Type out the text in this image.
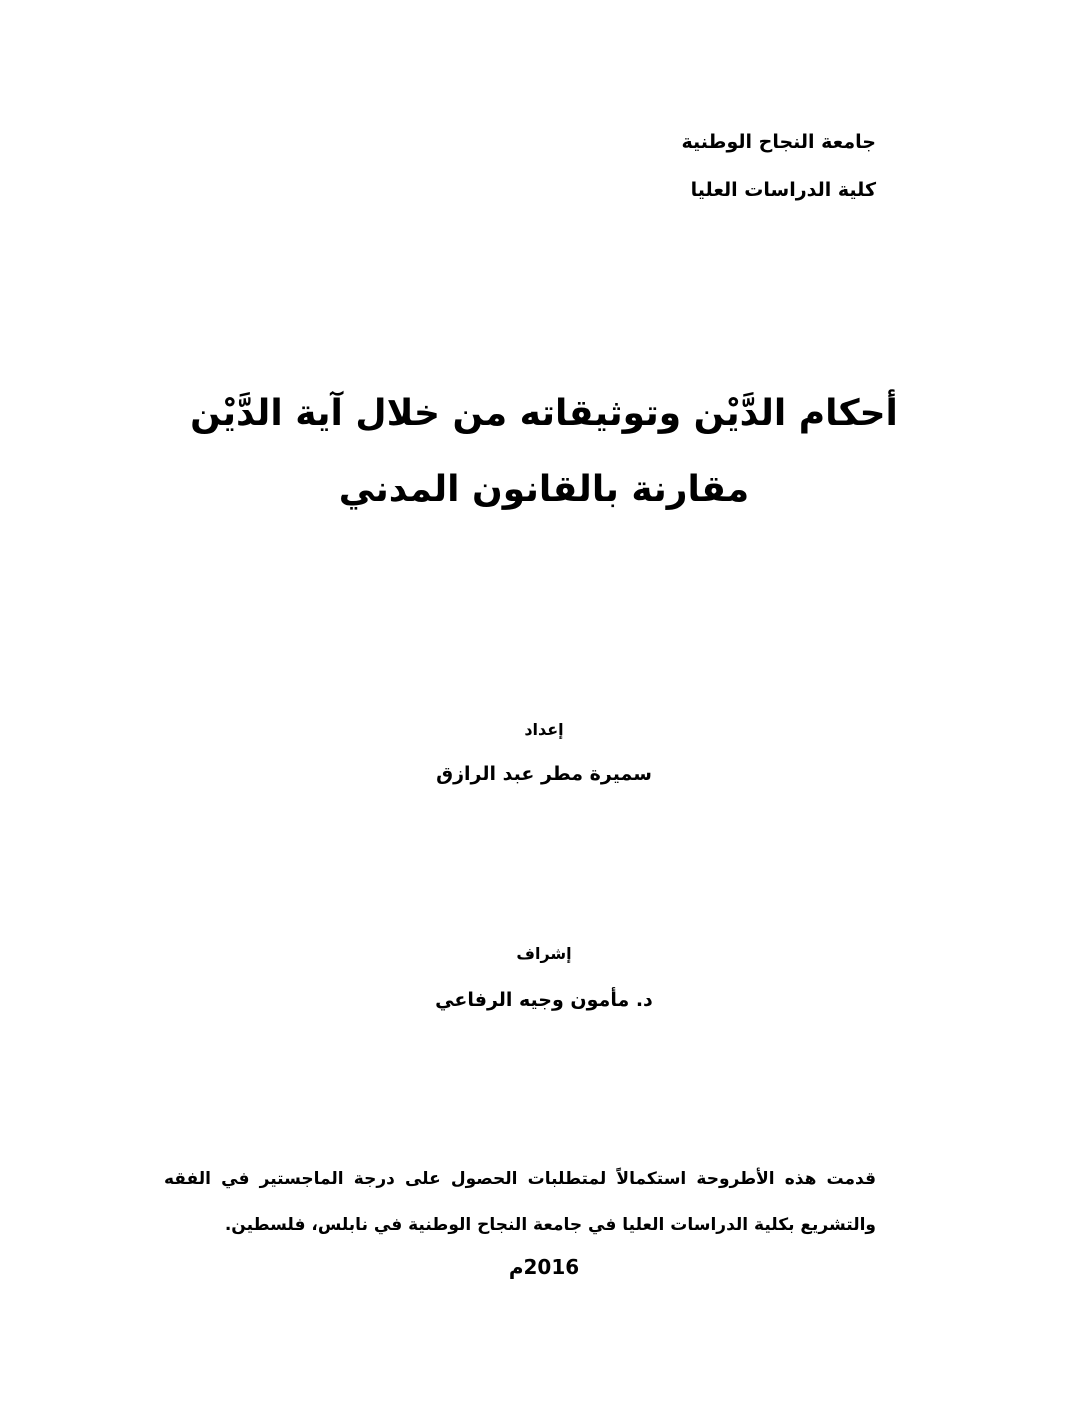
جامعة النجاح الوطنية
كلية الدراسات العليا
أحكام الدَّيْن وتوثيقاته من خلال آية الدَّيْن
مقارنة بالقانون المدني
إعداد
سميرة مطر عبد الرازق
إشراف
د. مأمون وجيه الرفاعي
قدمت هذه الأطروحة استكمالاً لمتطلبات الحصول على درجة الماجستير في الفقه
والتشريع بكلية الدراسات العليا في جامعة النجاح الوطنية في نابلس، فلسطين.
2016م
